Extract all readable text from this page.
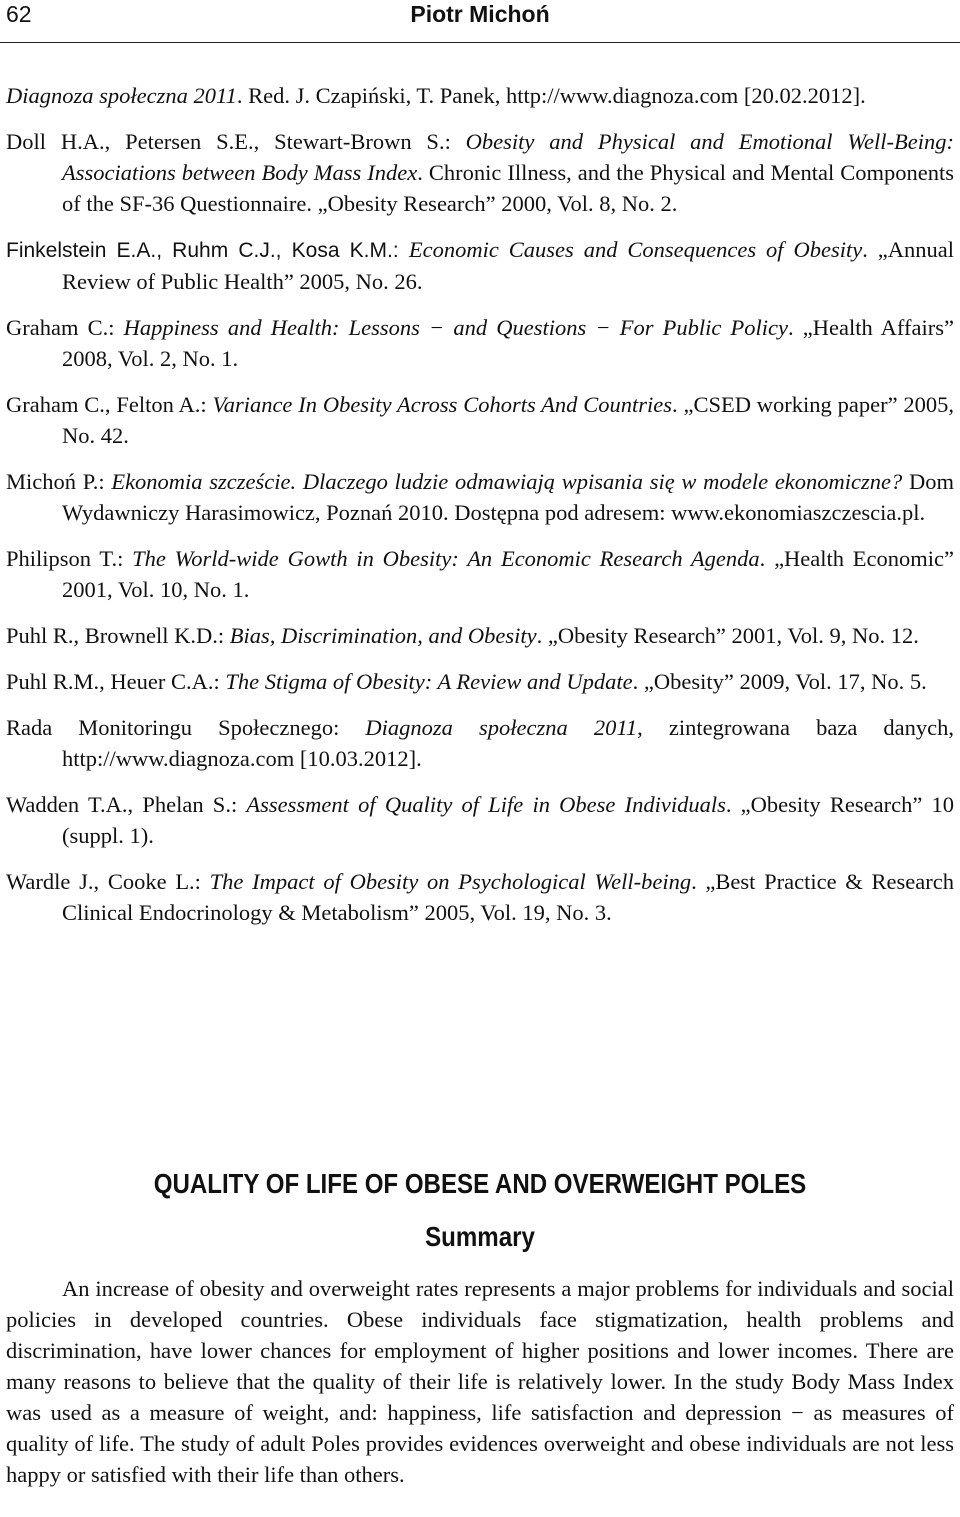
62	Piotr Michoń

Diagnoza społeczna 2011. Red. J. Czapiński, T. Panek, http://www.diagnoza.com [20.02.2012].

Doll H.A., Petersen S.E., Stewart-Brown S.: Obesity and Physical and Emotional Well-Being: Associations between Body Mass Index. Chronic Illness, and the Physical and Mental Components of the SF-36 Questionnaire. „Obesity Research” 2000, Vol. 8, No. 2.

Finkelstein E.A., Ruhm C.J., Kosa K.M.: Economic Causes and Consequences of Obesity. „Annual Review of Public Health” 2005, No. 26.

Graham C.: Happiness and Health: Lessons − and Questions − For Public Policy. „Health Affairs” 2008, Vol. 2, No. 1.

Graham C., Felton A.: Variance In Obesity Across Cohorts And Countries. „CSED working paper” 2005, No. 42.

Michoń P.: Ekonomia szczeście. Dlaczego ludzie odmawiają wpisania się w modele ekonomiczne? Dom Wydawniczy Harasimowicz, Poznań 2010. Dostępna pod adresem: www.ekonomiaszczescia.pl.

Philipson T.: The World-wide Gowth in Obesity: An Economic Research Agenda. „Health Economic” 2001, Vol. 10, No. 1.

Puhl R., Brownell K.D.: Bias, Discrimination, and Obesity. „Obesity Research” 2001, Vol. 9, No. 12.

Puhl R.M., Heuer C.A.: The Stigma of Obesity: A Review and Update. „Obesity” 2009, Vol. 17, No. 5.

Rada Monitoringu Społecznego: Diagnoza społeczna 2011, zintegrowana baza danych, http://www.diagnoza.com [10.03.2012].

Wadden T.A., Phelan S.: Assessment of Quality of Life in Obese Individuals. „Obesity Research” 10 (suppl. 1).

Wardle J., Cooke L.: The Impact of Obesity on Psychological Well-being. „Best Practice & Research Clinical Endocrinology & Metabolism” 2005, Vol. 19, No. 3.

QUALITY OF LIFE OF OBESE AND OVERWEIGHT POLES
Summary

An increase of obesity and overweight rates represents a major problems for individuals and social policies in developed countries. Obese individuals face stigmatization, health problems and discrimination, have lower chances for employment of higher positions and lower incomes. There are many reasons to believe that the quality of their life is relatively lower. In the study Body Mass Index was used as a measure of weight, and: happiness, life satisfaction and depression − as measures of quality of life. The study of adult Poles provides evidences overweight and obese individuals are not less happy or satisfied with their life than others.
